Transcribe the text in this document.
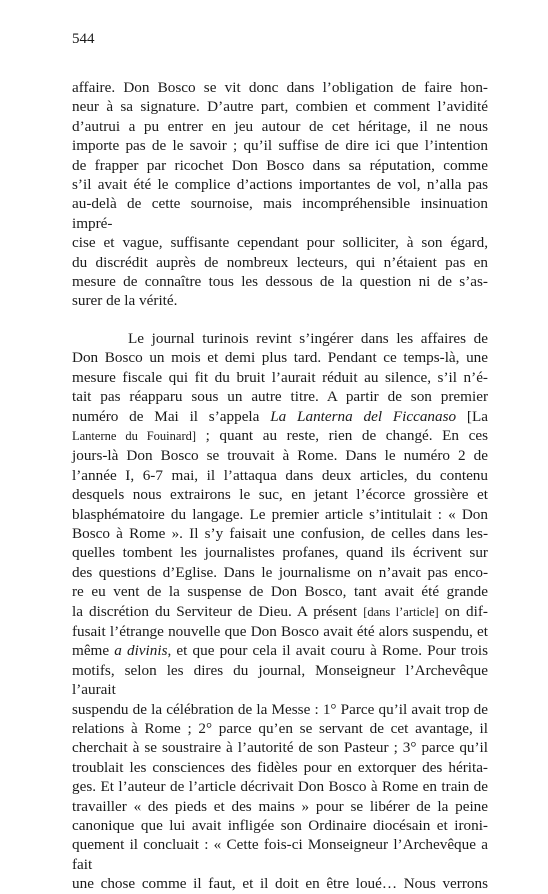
544
affaire. Don Bosco se vit donc dans l’obligation de faire hon-
neur à sa signature. D’autre part, combien et comment l’avidité
d’autrui a pu entrer en jeu autour de cet héritage, il ne nous
importe pas de le savoir ; qu’il suffise de dire ici que l’intention
de frapper par ricochet Don Bosco dans sa réputation, comme
s’il avait été le complice d’actions importantes de vol, n’alla pas
au-delà de cette sournoise, mais incompréhensible insinuation impré-
cise et vague, suffisante cependant pour solliciter, à son égard,
du discrédit auprès de nombreux lecteurs, qui n’étaient pas en
mesure de connaître tous les dessous de la question ni de s’as-
surer de la vérité.
Le journal turinois revint s’ingérer dans les affaires de
Don Bosco un mois et demi plus tard. Pendant ce temps-là, une
mesure fiscale qui fit du bruit l’aurait réduit au silence, s’il n’é-
tait pas réapparu sous un autre titre. A partir de son premier
numéro de Mai il s’appela La Lanterna del Ficcanaso [La
Lanterne du Fouinard] ; quant au reste, rien de changé. En ces
jours-là Don Bosco se trouvait à Rome. Dans le numéro 2 de
l’année I, 6-7 mai, il l’attaqua dans deux articles, du contenu
desquels nous extrairons le suc, en jetant l’écorce grossière et
blasphématoire du langage. Le premier article s’intitulait : « Don
Bosco à Rome ». Il s’y faisait une confusion, de celles dans les-
quelles tombent les journalistes profanes, quand ils écrivent sur
des questions d’Eglise. Dans le journalisme on n’avait pas enco-
re eu vent de la suspense de Don Bosco, tant avait été grande
la discrétion du Serviteur de Dieu. A présent [dans l’article] on dif-
fusait l’étrange nouvelle que Don Bosco avait été alors suspendu, et
même a divinis, et que pour cela il avait couru à Rome. Pour trois
motifs, selon les dires du journal, Monseigneur l’Archevêque l’aurait
suspendu de la célébration de la Messe : 1° Parce qu’il avait trop de
relations à Rome ; 2° parce qu’en se servant de cet avantage, il
cherchait à se soustraire à l’autorité de son Pasteur ; 3° parce qu’il
troublait les consciences des fidèles pour en extorquer des hérita-
ges. Et l’auteur de l’article décrivait Don Bosco à Rome en train de
travailler « des pieds et des mains » pour se libérer de la peine
canonique que lui avait infligée son Ordinaire diocésain et ironi-
quement il concluait : « Cette fois-ci Monseigneur l’Archevêque a fait
une chose comme il faut, et il doit en être loué… Nous verrons
